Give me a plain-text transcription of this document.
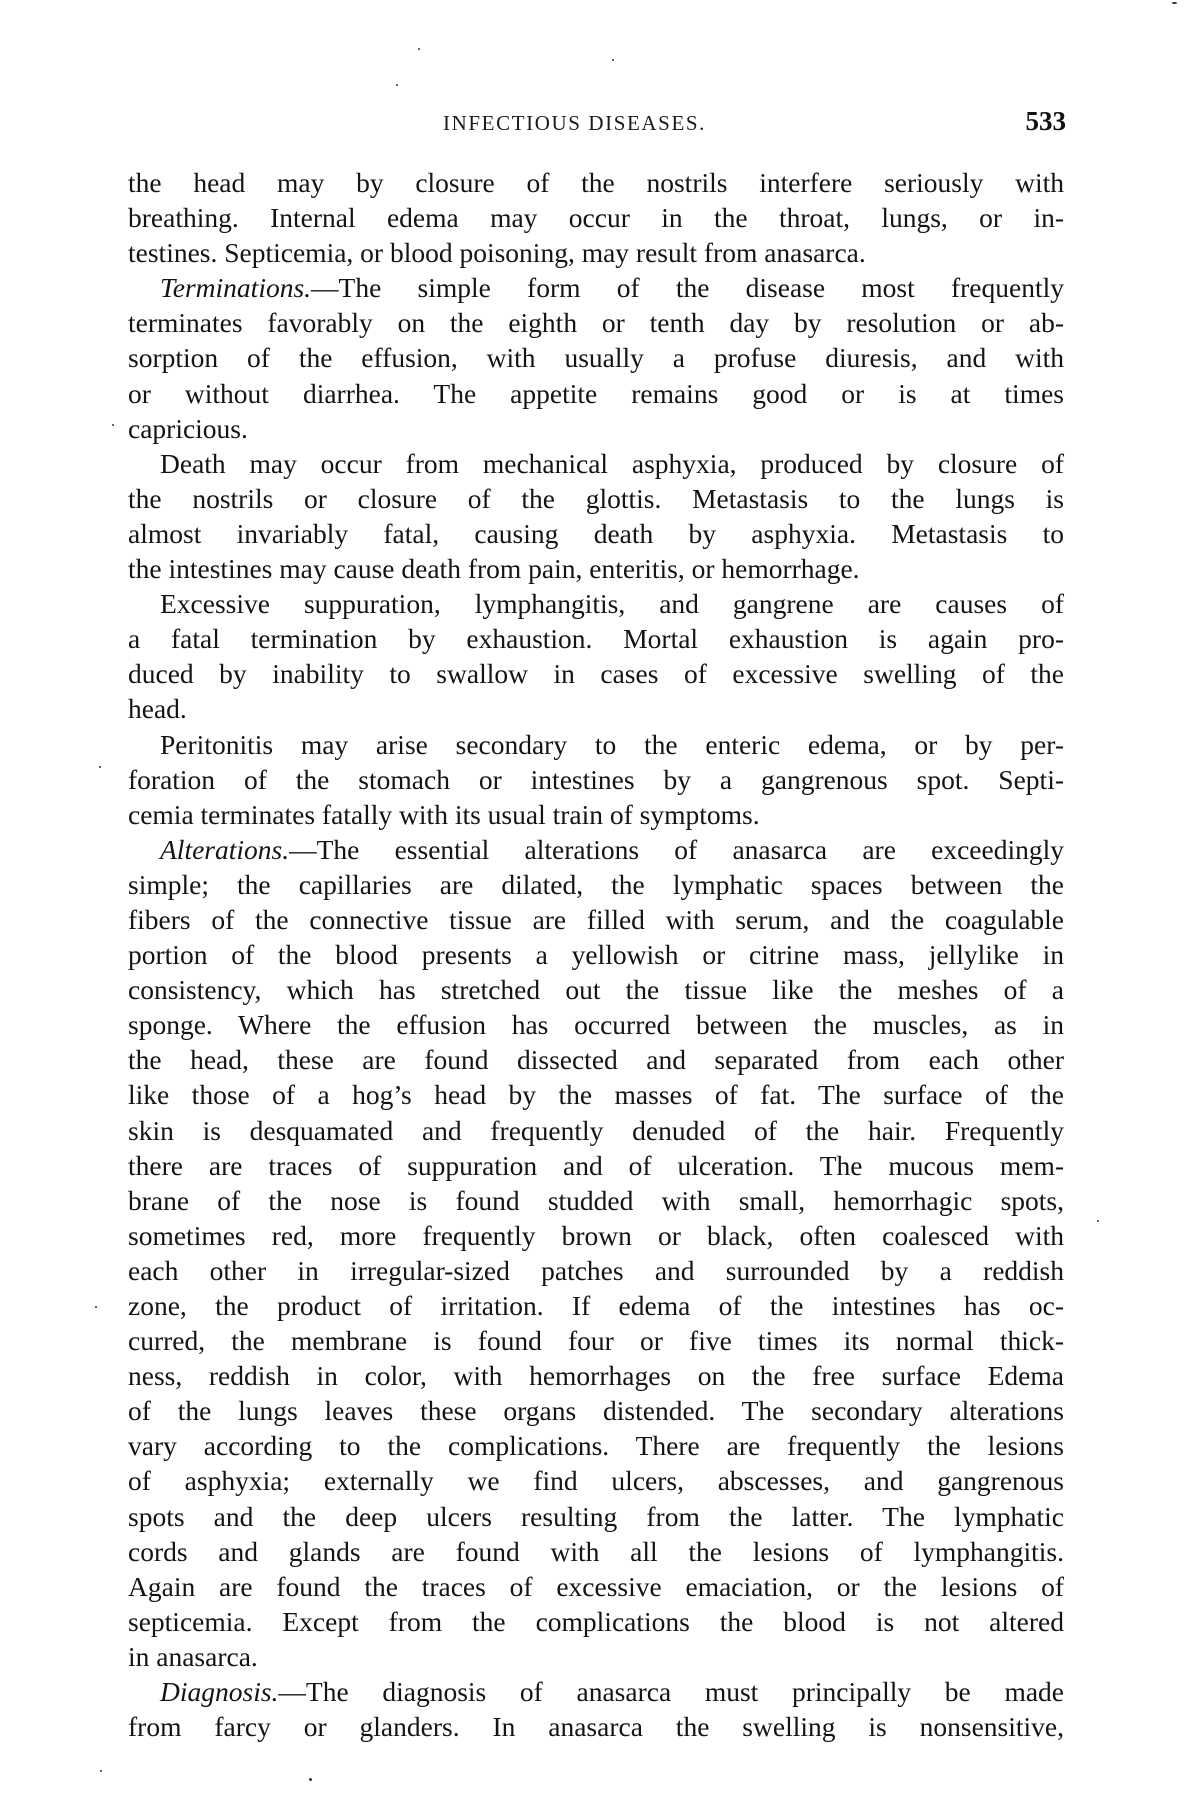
INFECTIOUS DISEASES.	533
the head may by closure of the nostrils interfere seriously with
breathing. Internal edema may occur in the throat, lungs, or in-
testines. Septicemia, or blood poisoning, may result from anasarca.
Terminations.—The simple form of the disease most frequently
terminates favorably on the eighth or tenth day by resolution or ab-
sorption of the effusion, with usually a profuse diuresis, and with
or without diarrhea. The appetite remains good or is at times
capricious.
Death may occur from mechanical asphyxia, produced by closure of
the nostrils or closure of the glottis. Metastasis to the lungs is
almost invariably fatal, causing death by asphyxia. Metastasis to
the intestines may cause death from pain, enteritis, or hemorrhage.
Excessive suppuration, lymphangitis, and gangrene are causes of
a fatal termination by exhaustion. Mortal exhaustion is again pro-
duced by inability to swallow in cases of excessive swelling of the
head.
Peritonitis may arise secondary to the enteric edema, or by per-
foration of the stomach or intestines by a gangrenous spot. Septi-
cemia terminates fatally with its usual train of symptoms.
Alterations.—The essential alterations of anasarca are exceedingly
simple; the capillaries are dilated, the lymphatic spaces between the
fibers of the connective tissue are filled with serum, and the coagulable
portion of the blood presents a yellowish or citrine mass, jellylike in
consistency, which has stretched out the tissue like the meshes of a
sponge. Where the effusion has occurred between the muscles, as in
the head, these are found dissected and separated from each other
like those of a hog’s head by the masses of fat. The surface of the
skin is desquamated and frequently denuded of the hair. Frequently
there are traces of suppuration and of ulceration. The mucous mem-
brane of the nose is found studded with small, hemorrhagic spots,
sometimes red, more frequently brown or black, often coalesced with
each other in irregular-sized patches and surrounded by a reddish
zone, the product of irritation. If edema of the intestines has oc-
curred, the membrane is found four or five times its normal thick-
ness, reddish in color, with hemorrhages on the free surface Edema
of the lungs leaves these organs distended. The secondary alterations
vary according to the complications. There are frequently the lesions
of asphyxia; externally we find ulcers, abscesses, and gangrenous
spots and the deep ulcers resulting from the latter. The lymphatic
cords and glands are found with all the lesions of lymphangitis.
Again are found the traces of excessive emaciation, or the lesions of
septicemia. Except from the complications the blood is not altered
in anasarca.
Diagnosis.—The diagnosis of anasarca must principally be made
from farcy or glanders. In anasarca the swelling is nonsensitive,
